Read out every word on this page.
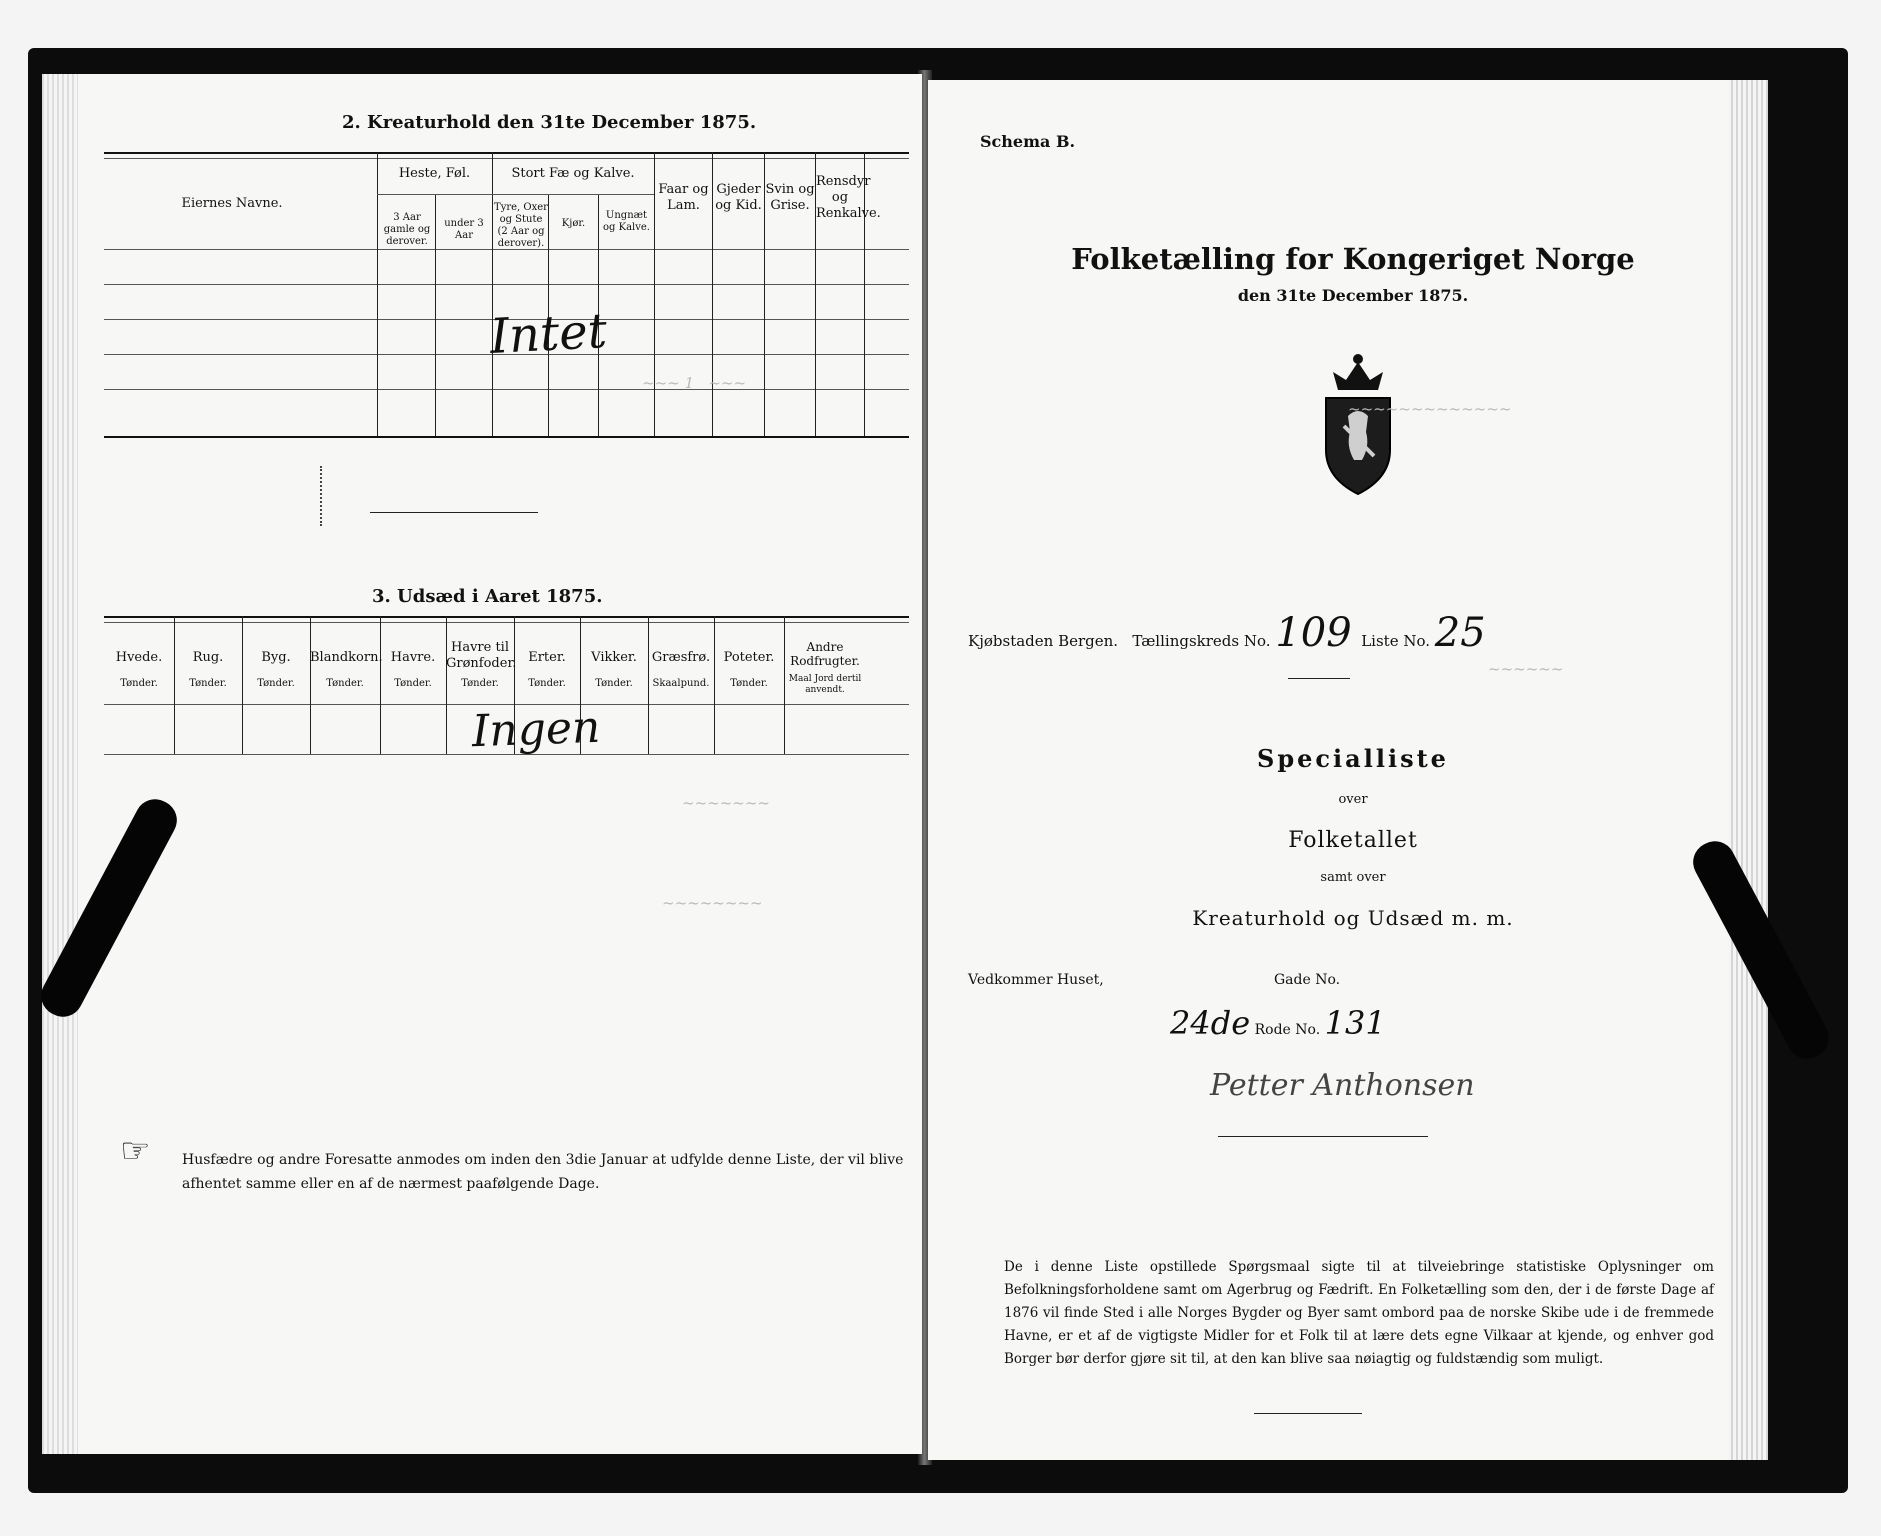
2. Kreaturhold den 31te December 1875.
Eiernes Navne.
Heste, Føl.
3 Aar gamle og derover.
under 3 Aar
Stort Fæ og Kalve.
Tyre, Oxer og Stute (2 Aar og derover).
Kjør.
Ungnæt og Kalve.
Faar og Lam.
Gjeder og Kid.
Svin og Grise.
Rensdyr og Renkalve.
Intet
3. Udsæd i Aaret 1875.
Hvede.
Tønder.
Rug.
Tønder.
Byg.
Tønder.
Blandkorn.
Tønder.
Havre.
Tønder.
Havre til Grønfoder.
Tønder.
Erter.
Tønder.
Vikker.
Tønder.
Græsfrø.
Skaalpund.
Poteter.
Tønder.
Andre Rodfrugter.
Maal Jord dertil anvendt.
Ingen
☞ Husfædre og andre Foresatte anmodes om inden den 3die Januar at udfylde denne Liste, der vil blive afhentet samme eller en af de nærmest paafølgende Dage.
~~~ 1   ~~~
~~~~~~~
~~~~~~~~
Schema B.
Folketælling for Kongeriget Norge
den 31te December 1875.
Kjøbstaden Bergen. Tællingskreds No. 109 Liste No. 25
Specialliste
over
Folketallet
samt over
Kreaturhold og Udsæd m. m.
Vedkommer Huset,	Gade No.
24de Rode No. 131
Petter Anthonsen
De i denne Liste opstillede Spørgsmaal sigte til at tilveiebringe statistiske Oplysninger om Befolkningsforholdene samt om Agerbrug og Fædrift. En Folketælling som den, der i de første Dage af 1876 vil finde Sted i alle Norges Bygder og Byer samt ombord paa de norske Skibe ude i de fremmede Havne, er et af de vigtigste Midler for et Folk til at lære dets egne Vilkaar at kjende, og enhver god Borger bør derfor gjøre sit til, at den kan blive saa nøiagtig og fuldstændig som muligt.
~~~~~~~~~~~~~
~~~~~~
